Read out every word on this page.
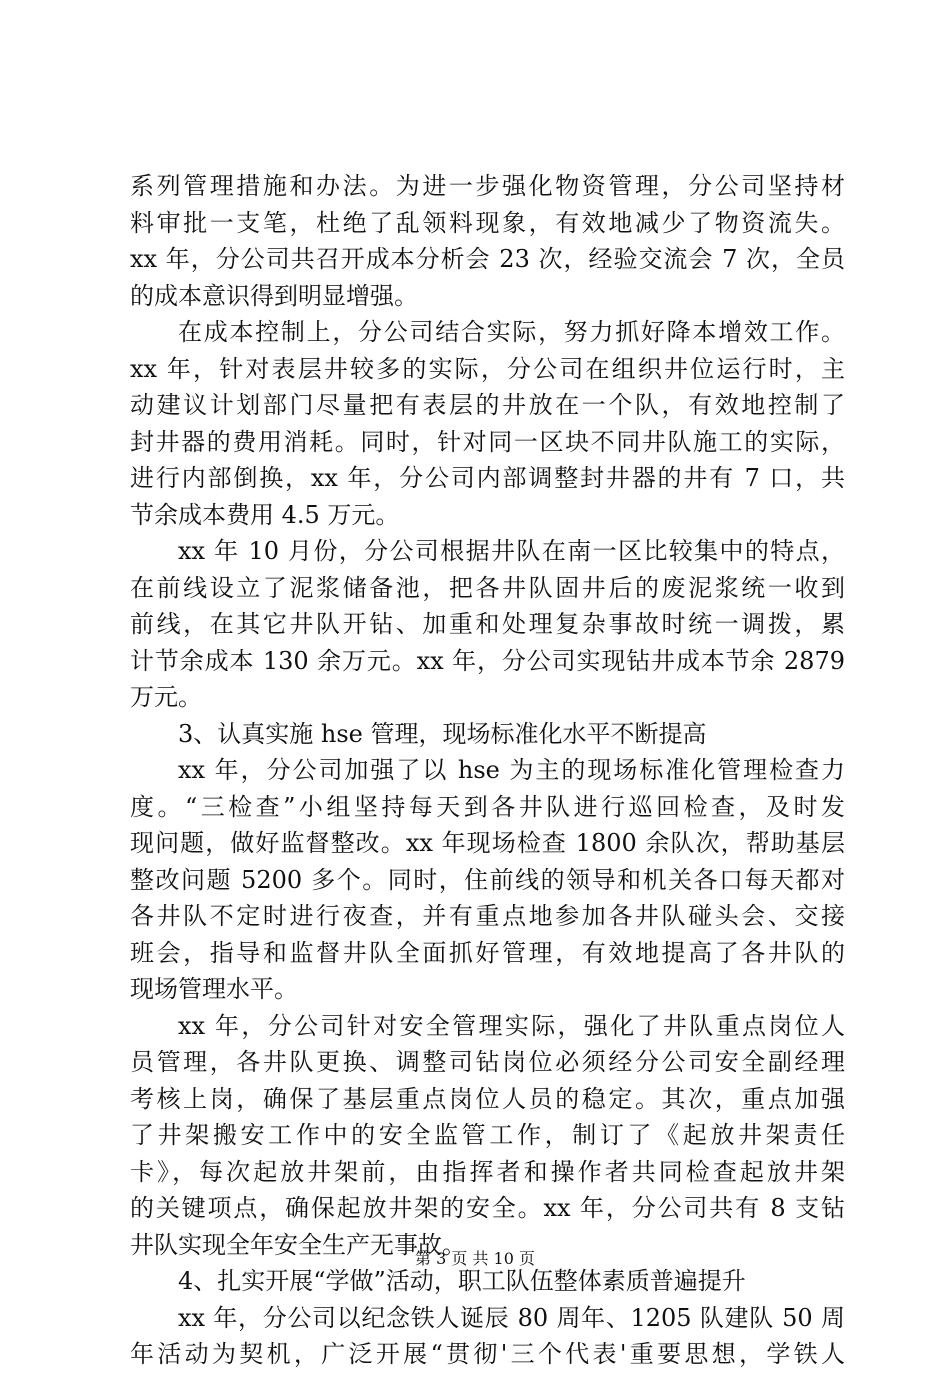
系列管理措施和办法。为进一步强化物资管理，分公司坚持材
料审批一支笔，杜绝了乱领料现象，有效地减少了物资流失。
xx 年，分公司共召开成本分析会 23 次，经验交流会 7 次，全员
的成本意识得到明显增强。
在成本控制上，分公司结合实际，努力抓好降本增效工作。
xx 年，针对表层井较多的实际，分公司在组织井位运行时，主
动建议计划部门尽量把有表层的井放在一个队，有效地控制了
封井器的费用消耗。同时，针对同一区块不同井队施工的实际，
进行内部倒换，xx 年，分公司内部调整封井器的井有 7 口，共
节余成本费用 4.5 万元。
xx 年 10 月份，分公司根据井队在南一区比较集中的特点，
在前线设立了泥浆储备池，把各井队固井后的废泥浆统一收到
前线，在其它井队开钻、加重和处理复杂事故时统一调拨，累
计节余成本 130 余万元。xx 年，分公司实现钻井成本节余 2879
万元。
3、认真实施 hse 管理，现场标准化水平不断提高
xx 年，分公司加强了以 hse 为主的现场标准化管理检查力
度。“三检查”小组坚持每天到各井队进行巡回检查，及时发
现问题，做好监督整改。xx 年现场检查 1800 余队次，帮助基层
整改问题 5200 多个。同时，住前线的领导和机关各口每天都对
各井队不定时进行夜查，并有重点地参加各井队碰头会、交接
班会，指导和监督井队全面抓好管理，有效地提高了各井队的
现场管理水平。
xx 年，分公司针对安全管理实际，强化了井队重点岗位人
员管理，各井队更换、调整司钻岗位必须经分公司安全副经理
考核上岗，确保了基层重点岗位人员的稳定。其次，重点加强
了井架搬安工作中的安全监管工作，制订了《起放井架责任
卡》，每次起放井架前，由指挥者和操作者共同检查起放井架
的关键项点，确保起放井架的安全。xx 年，分公司共有 8 支钻
井队实现全年安全生产无事故。
4、扎实开展“学做”活动，职工队伍整体素质普遍提升
xx 年，分公司以纪念铁人诞辰 80 周年、1205 队建队 50 周
年活动为契机，广泛开展“贯彻'三个代表'重要思想，学铁人
第 3 页 共 10 页
